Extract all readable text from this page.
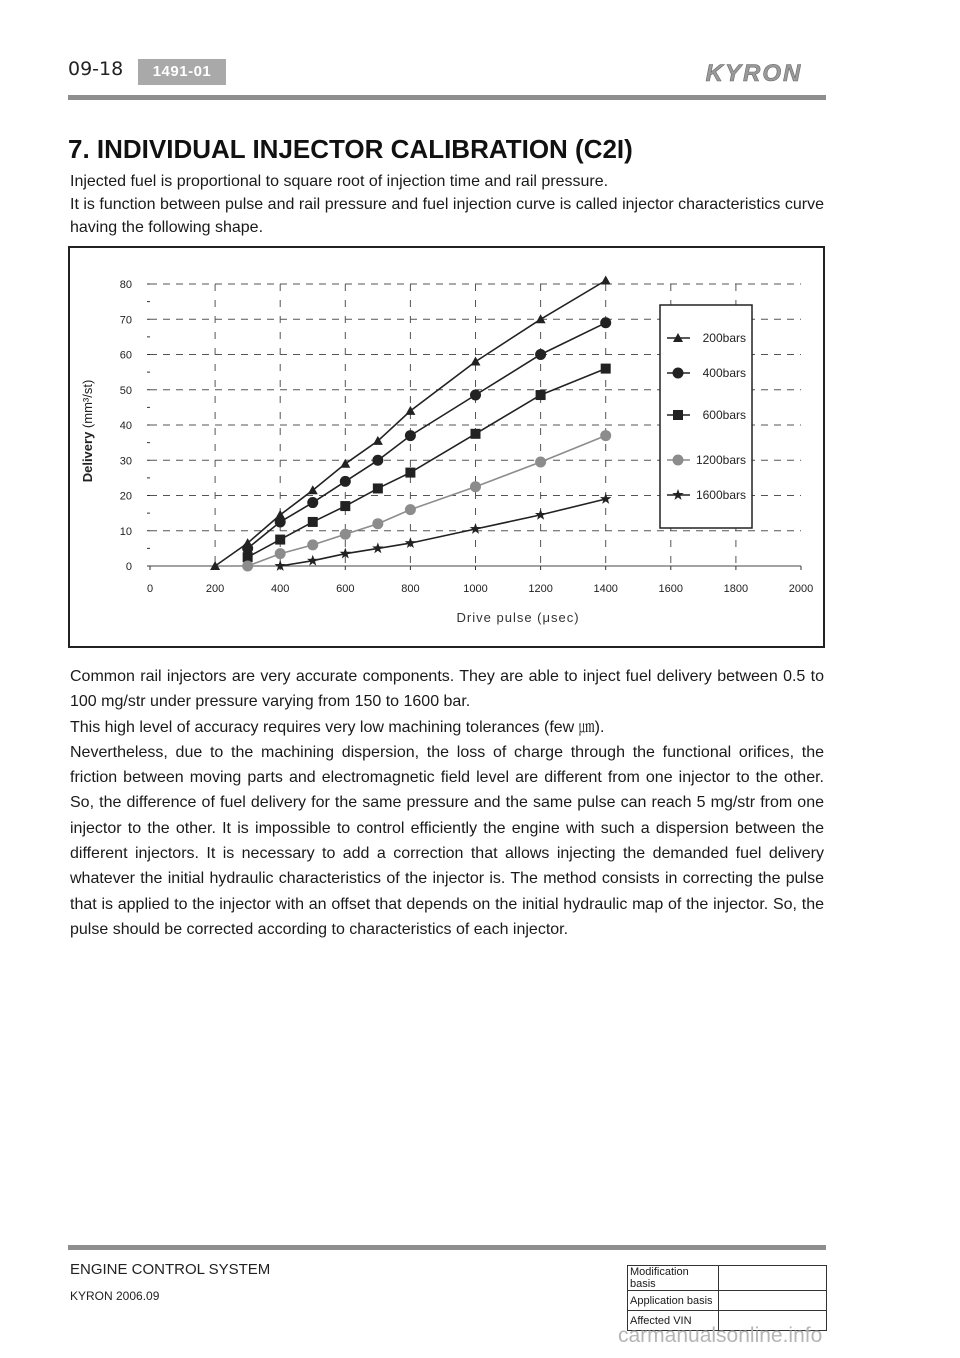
09-18	1491-01	KYRON
7. INDIVIDUAL INJECTOR CALIBRATION (C2I)

Injected fuel is proportional to square root of injection time and rail pressure.

It is function between pulse and rail pressure and fuel injection curve is called injector characteristics curve having the following shape.

0
10
20
30
40
50
60
70
80
0	200	400	600	800	1000	1200	1400	1600	1800	2000
Drive pulse (μsec)
Delivery (mm³/st)
200bars
400bars
600bars
1200bars
1600bars

Common rail injectors are very accurate components. They are able to inject fuel delivery between 0.5 to 100 mg/str under pressure varying from 150 to 1600 bar.

This high level of accuracy requires very low machining tolerances (few ㎛).

Nevertheless, due to the machining dispersion, the loss of charge through the functional orifices, the friction between moving parts and electromagnetic field level are different from one injector to the other. So, the difference of fuel delivery for the same pressure and the same pulse can reach 5 mg/str from one injector to the other. It is impossible to control efficiently the engine with such a dispersion between the different injectors. It is necessary to add a correction that allows injecting the demanded fuel delivery whatever the initial hydraulic characteristics of the injector is. The method consists in correcting the pulse that is applied to the injector with an offset that depends on the initial hydraulic map of the injector. So, the pulse should be corrected according to characteristics of each injector.

ENGINE CONTROL SYSTEM
KYRON 2006.09
Modification basis	
Application basis	
Affected VIN	
carmanualsonline.info
